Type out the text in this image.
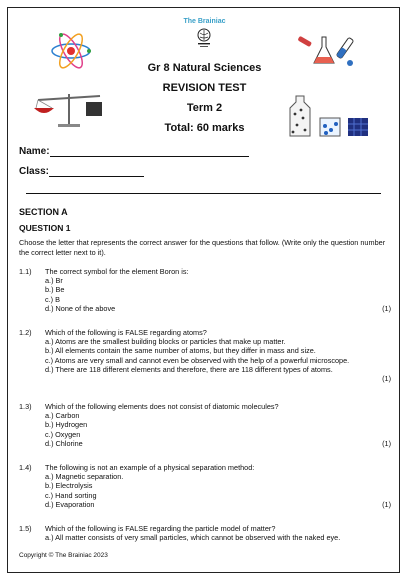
The Brainiac
Gr 8 Natural Sciences
REVISION TEST
Term 2
Total: 60 marks
Name:
Class:
SECTION A
QUESTION 1
Choose the letter that represents the correct answer for the questions that follow. (Write only the question number the correct letter next to it).
1.1) The correct symbol for the element Boron is:
a.) Br
b.) Be
c.) B
d.) None of the above	(1)
1.2) Which of the following is FALSE regarding atoms?
a.) Atoms are the smallest building blocks or particles that make up matter.
b.) All elements contain the same number of atoms, but they differ in mass and size.
c.) Atoms are very small and cannot even be observed with the help of a powerful microscope.
d.) There are 118 different elements and therefore, there are 118 different types of atoms.
(1)
1.3) Which of the following elements does not consist of diatomic molecules?
a.) Carbon
b.) Hydrogen
c.) Oxygen
d.) Chlorine	(1)
1.4) The following is not an example of a physical separation method:
a.) Magnetic separation.
b.) Electrolysis
c.) Hand sorting
d.) Evaporation	(1)
1.5) Which of the following is FALSE regarding the particle model of matter?
a.) All matter consists of very small particles, which cannot be observed with the naked eye.
Copyright © The Brainiac 2023
